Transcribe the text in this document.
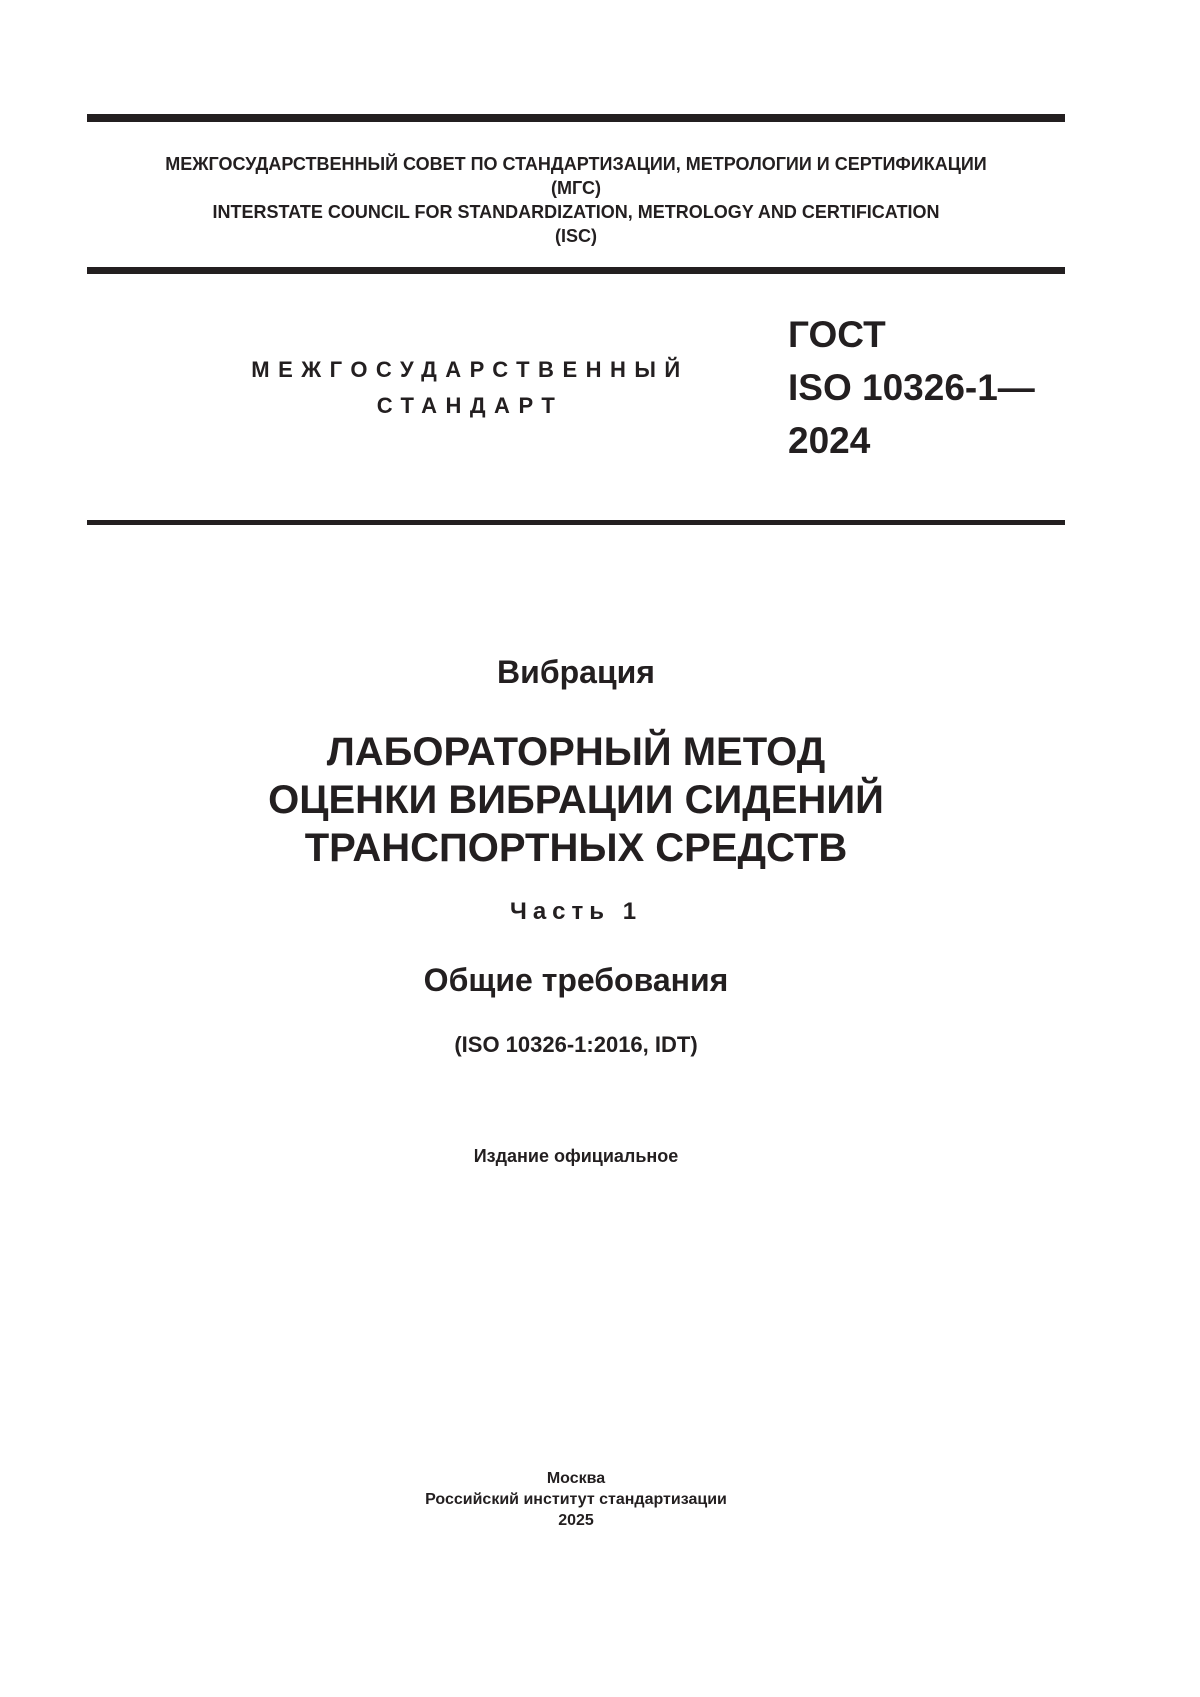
МЕЖГОСУДАРСТВЕННЫЙ СОВЕТ ПО СТАНДАРТИЗАЦИИ, МЕТРОЛОГИИ И СЕРТИФИКАЦИИ
(МГС)
INTERSTATE COUNCIL FOR STANDARDIZATION, METROLOGY AND CERTIFICATION
(ISC)
МЕЖГОСУДАРСТВЕННЫЙ
СТАНДАРТ
ГОСТ
ISO 10326-1—
2024
Вибрация
ЛАБОРАТОРНЫЙ МЕТОД
ОЦЕНКИ ВИБРАЦИИ СИДЕНИЙ
ТРАНСПОРТНЫХ СРЕДСТВ
Часть 1
Общие требования
(ISO 10326-1:2016, IDT)
Издание официальное
Москва
Российский институт стандартизации
2025
